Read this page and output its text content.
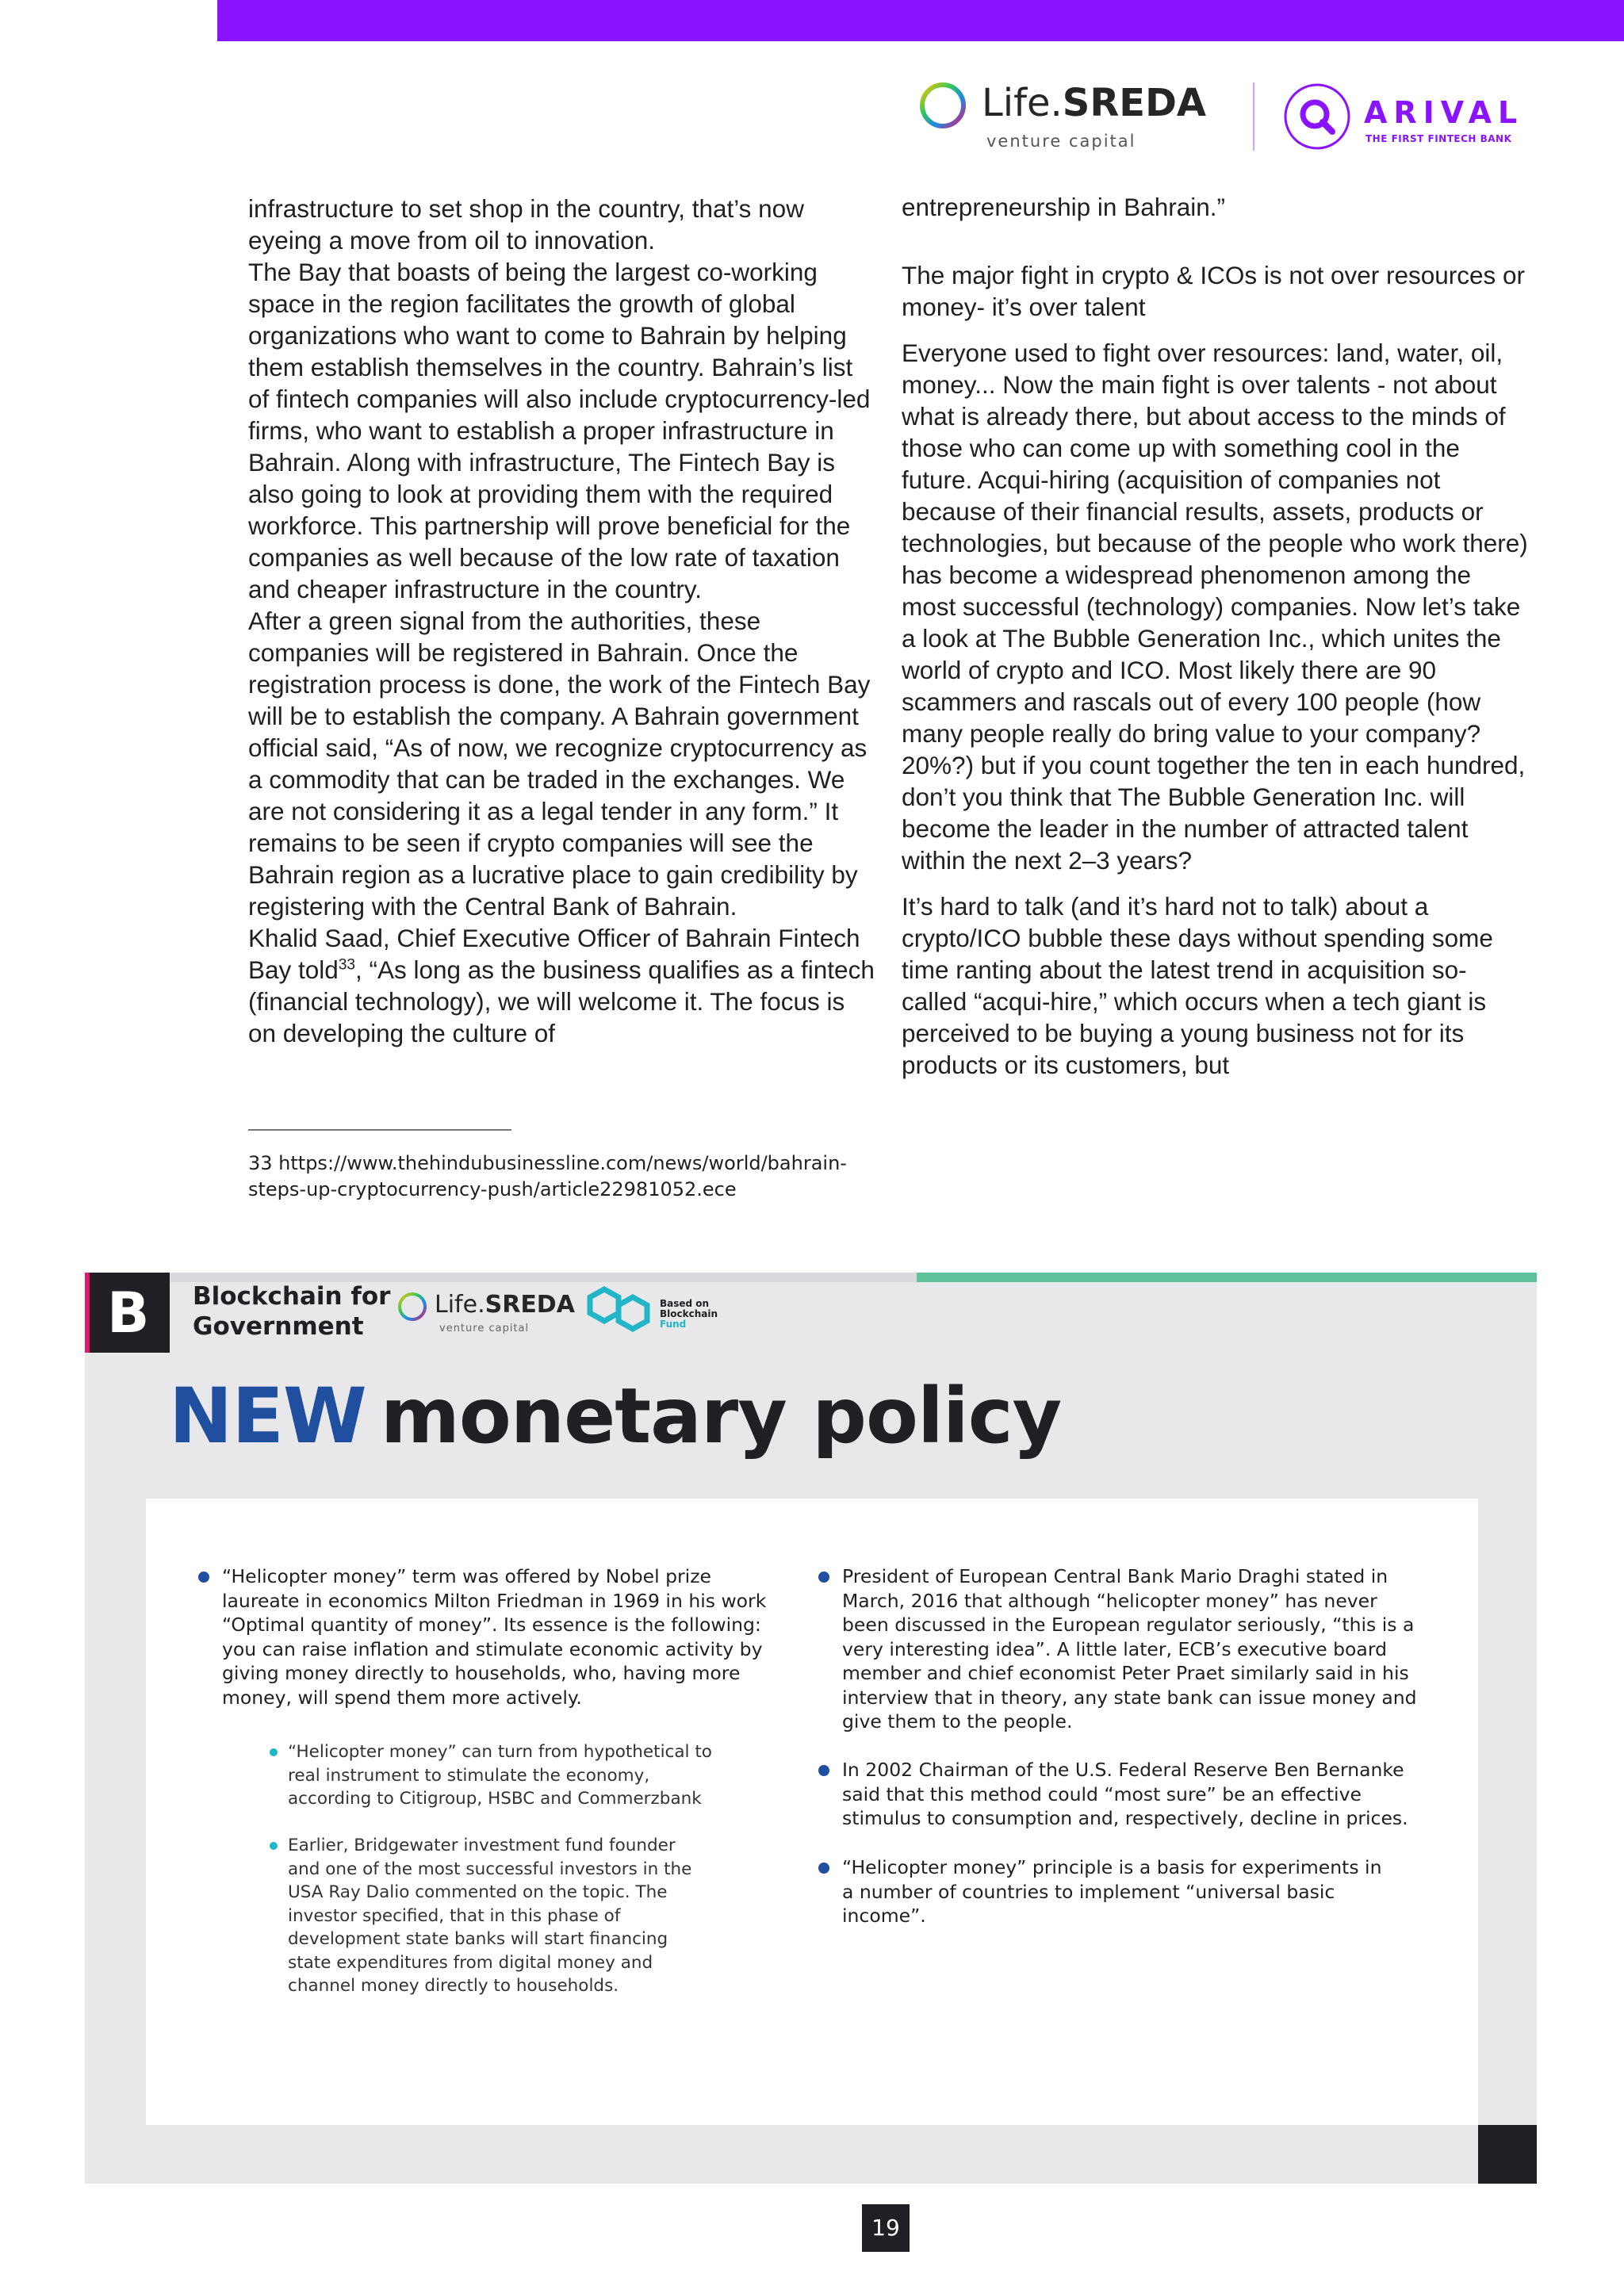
Life.SREDA
venture capital
ARIVAL
THE FIRST FINTECH BANK

infrastructure to set shop in the country, that’s now eyeing a move from oil to innovation.

The Bay that boasts of being the largest co-working space in the region facilitates the growth of global organizations who want to come to Bahrain by helping them establish themselves in the country. Bahrain’s list of fintech companies will also include cryptocurrency-led firms, who want to establish a proper infrastructure in Bahrain. Along with infrastructure, The Fintech Bay is also going to look at providing them with the required workforce. This partnership will prove beneficial for the companies as well because of the low rate of taxation and cheaper infrastructure in the country.

After a green signal from the authorities, these companies will be registered in Bahrain. Once the registration process is done, the work of the Fintech Bay will be to establish the company. A Bahrain government official said, “As of now, we recognize cryptocurrency as a commodity that can be traded in the exchanges. We are not considering it as a legal tender in any form.” It remains to be seen if crypto companies will see the Bahrain region as a lucrative place to gain credibility by registering with the Central Bank of Bahrain.

Khalid Saad, Chief Executive Officer of Bahrain Fintech Bay told$^{33}$, “As long as the business qualifies as a fintech (financial technology), we will welcome it. The focus is on developing the culture of

33 https://www.thehindubusinessline.com/news/world/bahrain-steps-up-cryptocurrency-push/article22981052.ece

entrepreneurship in Bahrain.”

The major fight in crypto & ICOs is not over resources or money- it’s over talent

Everyone used to fight over resources: land, water, oil, money... Now the main fight is over talents - not about what is already there, but about access to the minds of those who can come up with something cool in the future. Acqui-hiring (acquisition of companies not because of their financial results, assets, products or technologies, but because of the people who work there) has become a widespread phenomenon among the most successful (technology) companies. Now let’s take a look at The Bubble Generation Inc., which unites the world of crypto and ICO. Most likely there are 90 scammers and rascals out of every 100 people (how many people really do bring value to your company? 20%?) but if you count together the ten in each hundred, don’t you think that The Bubble Generation Inc. will become the leader in the number of attracted talent within the next 2–3 years?

It’s hard to talk (and it’s hard not to talk) about a crypto/ICO bubble these days without spending some time ranting about the latest trend in acquisition so-called “acqui-hire,” which occurs when a tech giant is perceived to be buying a young business not for its products or its customers, but

B Blockchain for Government
Life.SREDA
venture capital
Based on
Blockchain
Fund
NEW monetary policy
“Helicopter money” term was offered by Nobel prize laureate in economics Milton Friedman in 1969 in his work “Optimal quantity of money”. Its essence is the following: you can raise inflation and stimulate economic activity by giving money directly to households, who, having more money, will spend them more actively.
“Helicopter money” can turn from hypothetical to real instrument to stimulate the economy, according to Citigroup, HSBC and Commerzbank
Earlier, Bridgewater investment fund founder and one of the most successful investors in the USA Ray Dalio commented on the topic. The investor specified, that in this phase of development state banks will start financing state expenditures from digital money and channel money directly to households.
President of European Central Bank Mario Draghi stated in March, 2016 that although “helicopter money” has never been discussed in the European regulator seriously, “this is a very interesting idea”. A little later, ECB’s executive board member and chief economist Peter Praet similarly said in his interview that in theory, any state bank can issue money and give them to the people.
In 2002 Chairman of the U.S. Federal Reserve Ben Bernanke said that this method could “most sure” be an effective stimulus to consumption and, respectively, decline in prices.
“Helicopter money” principle is a basis for experiments in a number of countries to implement “universal basic income”.
19
